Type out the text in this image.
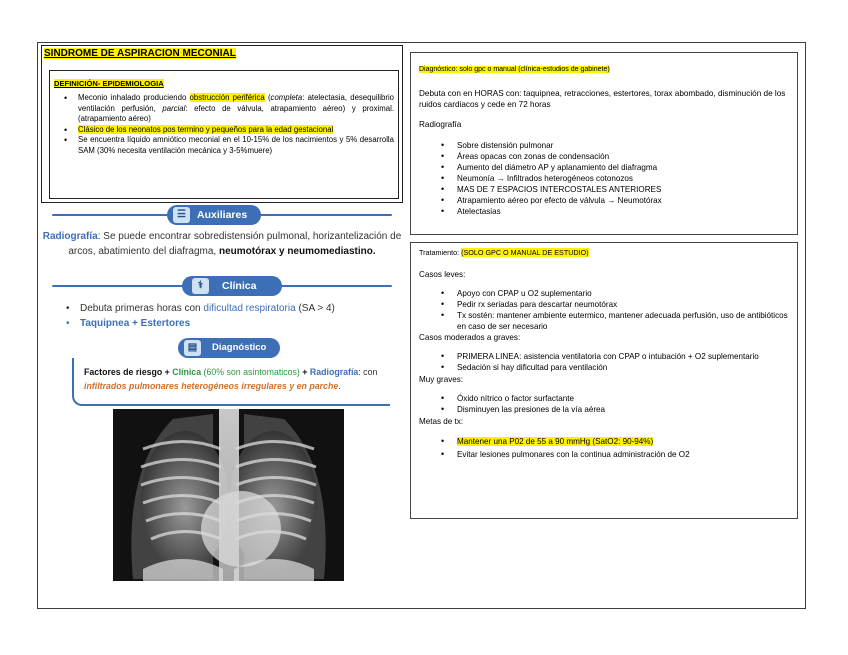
SINDROME DE ASPIRACION MECONIAL
DEFINICIÓN- EPIDEMIOLOGIA
• Meconio inhalado produciendo obstrucción periférica (completa: atelectasia, desequilibrio ventilación perfusión, parcial: efecto de válvula, atrapamiento aéreo) y proximal. (atrapamiento aéreo)
• Clásico de los neonatos pos termino y pequeños para la edad gestacional
• Se encuentra líquido amniótico meconial en el 10-15% de los nacimientos y 5% desarrolla SAM (30% necesita ventilación mecánica y 3-5%muere)
☰	Auxiliares
Radiografía: Se puede encontrar sobredistensión pulmonal, horizantelización de arcos, abatimiento del diafragma, neumotórax y neumomediastino.
⚕	Clínica
• Debuta primeras horas con dificultad respiratoria (SA > 4)
• Taquipnea + Estertores
▤	Diagnóstico
Factores de riesgo + Clínica (60% son asintomaticos) + Radiografía: con infiltrados pulmonares heterogéneos irregulares y en parche.
Diagnóstico: solo gpc o manual (clínica-estudios de gabinete)

Debuta con en HORAS con: taquipnea, retracciones, estertores, torax abombado, disminución de los ruidos cardiacos y cede en 72 horas

Radiografía

• Sobre distensión pulmonar
• Áreas opacas con zonas de condensación
• Aumento del diámetro AP y aplanamiento del diafragma
• Neumonía → Infiltrados heterogéneos cotonozos
• MAS DE 7 ESPACIOS INTERCOSTALES ANTERIORES
• Atrapamiento aéreo por efecto de válvula → Neumotórax
• Atelectasias
Tratamiento: (SOLO GPC O MANUAL DE ESTUDIO)
Casos leves:
• Apoyo con CPAP u O2 suplementario
• Pedir rx seriadas para descartar neumotórax
• Tx sostén: mantener ambiente eutermico, mantener adecuada perfusión, uso de antibióticos en caso de ser necesario
Casos moderados a graves:
• PRIMERA LINEA: asistencia ventilatoria con CPAP o intubación + O2 suplementario
• Sedación si hay dificultad para ventilación
Muy graves:
• Óxido nítrico o factor surfactante
• Disminuyen las presiones de la vía aérea
Metas de tx:
• Mantener una P02 de 55 a 90 mmHg (SatO2: 90-94%)
• Evitar lesiones pulmonares con la continua administración de O2
